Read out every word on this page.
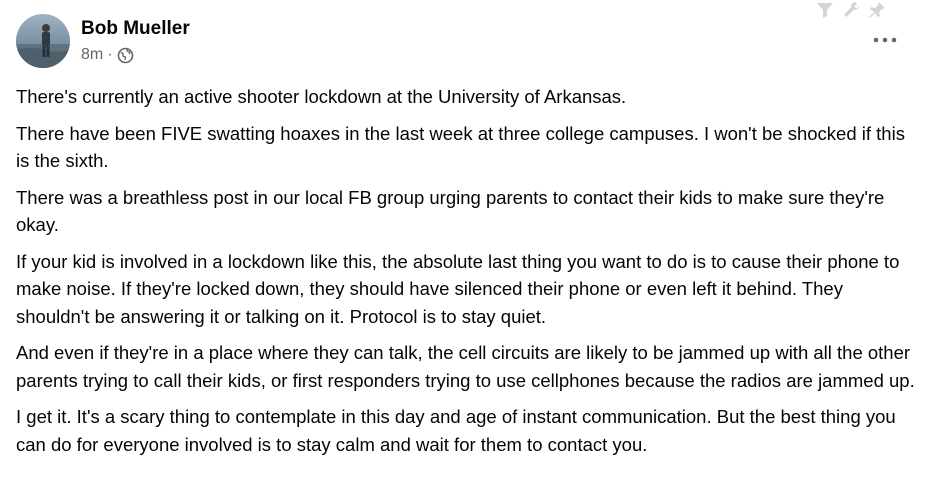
Bob Mueller
8m ·

There's currently an active shooter lockdown at the University of Arkansas.

There have been FIVE swatting hoaxes in the last week at three college campuses. I won't be shocked if this is the sixth.

There was a breathless post in our local FB group urging parents to contact their kids to make sure they're okay.

If your kid is involved in a lockdown like this, the absolute last thing you want to do is to cause their phone to make noise. If they're locked down, they should have silenced their phone or even left it behind. They shouldn't be answering it or talking on it. Protocol is to stay quiet.

And even if they're in a place where they can talk, the cell circuits are likely to be jammed up with all the other parents trying to call their kids, or first responders trying to use cellphones because the radios are jammed up.

I get it. It's a scary thing to contemplate in this day and age of instant communication. But the best thing you can do for everyone involved is to stay calm and wait for them to contact you.
